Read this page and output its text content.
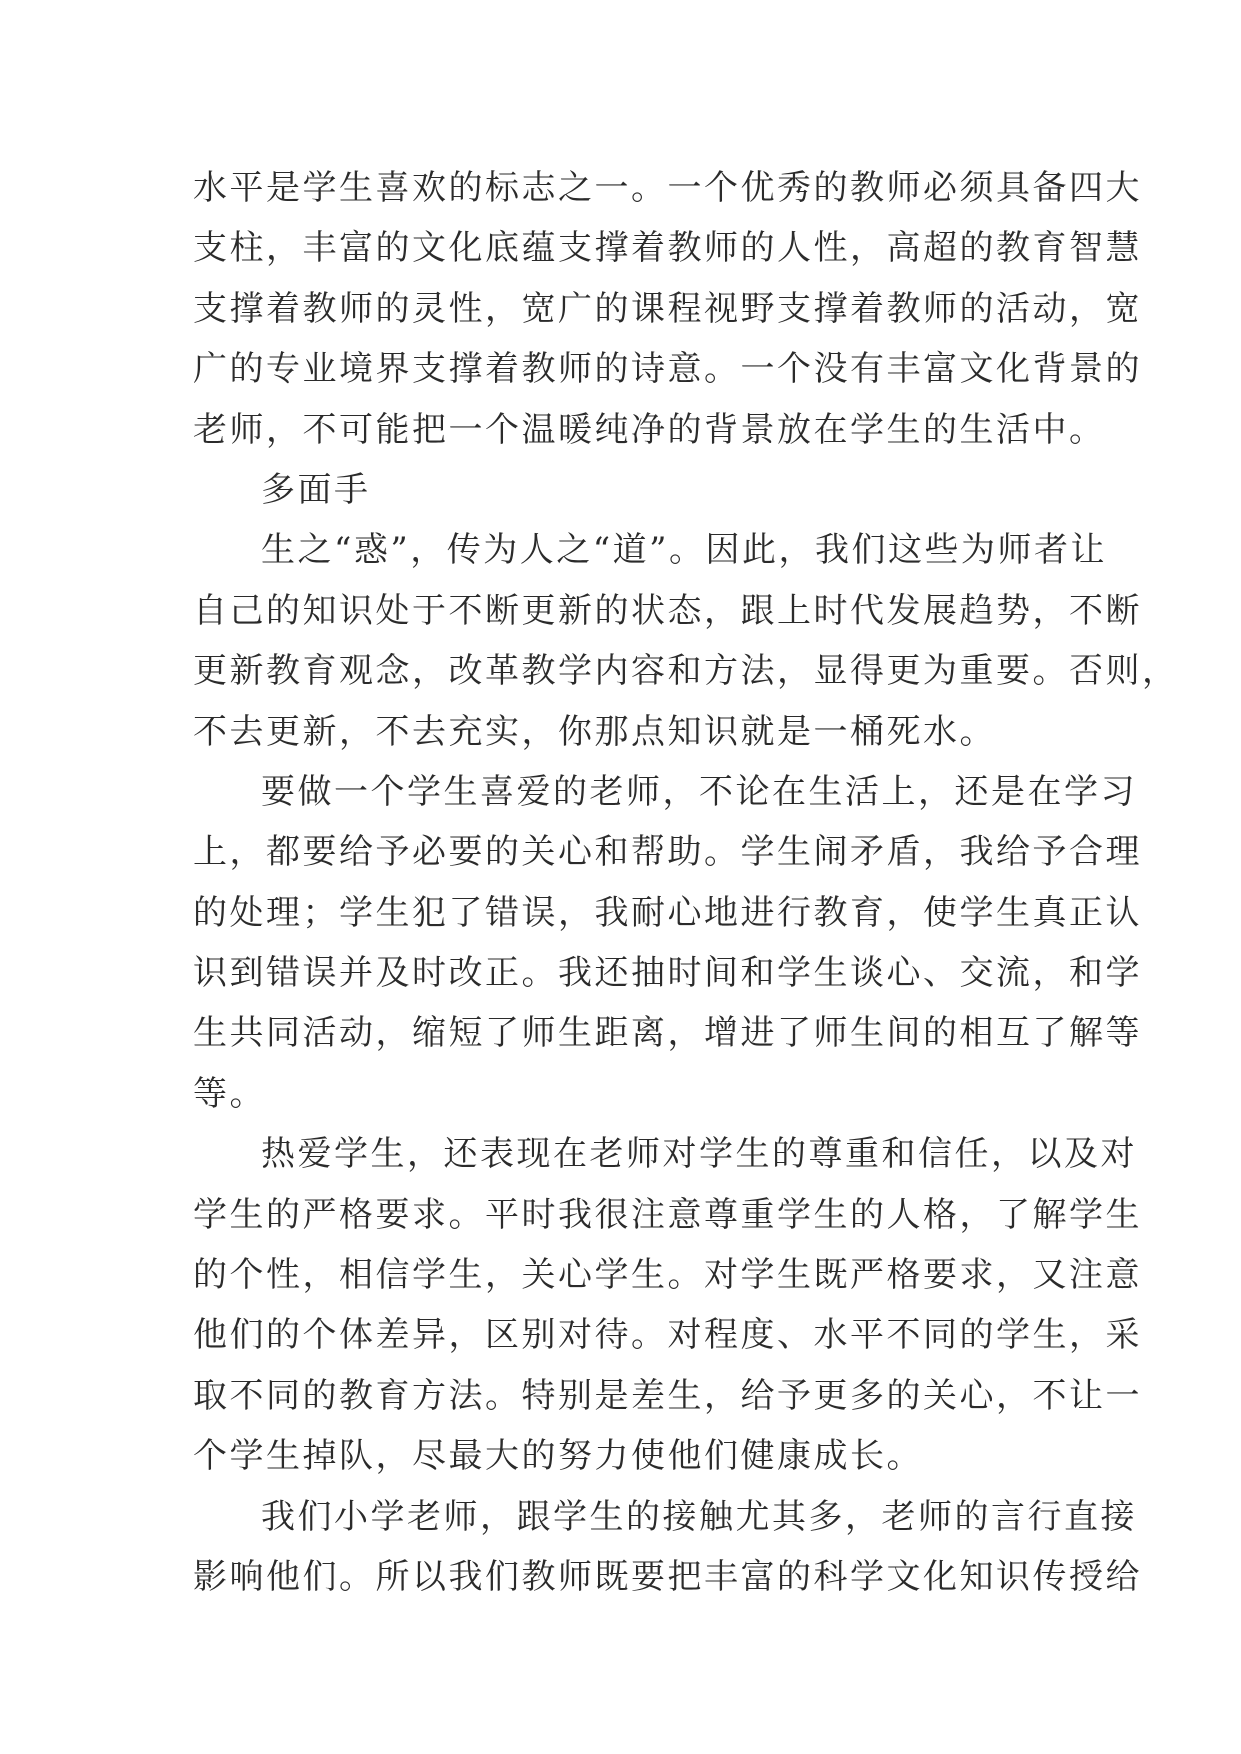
水平是学生喜欢的标志之一。一个优秀的教师必须具备四大
支柱，丰富的文化底蕴支撑着教师的人性，高超的教育智慧
支撑着教师的灵性，宽广的课程视野支撑着教师的活动，宽
广的专业境界支撑着教师的诗意。一个没有丰富文化背景的
老师，不可能把一个温暖纯净的背景放在学生的生活中。
多面手
生之“惑”，传为人之“道”。因此，我们这些为师者让
自己的知识处于不断更新的状态，跟上时代发展趋势，不断
更新教育观念，改革教学内容和方法，显得更为重要。否则，
不去更新，不去充实，你那点知识就是一桶死水。
要做一个学生喜爱的老师，不论在生活上，还是在学习
上，都要给予必要的关心和帮助。学生闹矛盾，我给予合理
的处理；学生犯了错误，我耐心地进行教育，使学生真正认
识到错误并及时改正。我还抽时间和学生谈心、交流，和学
生共同活动，缩短了师生距离，增进了师生间的相互了解等
等。
热爱学生，还表现在老师对学生的尊重和信任，以及对
学生的严格要求。平时我很注意尊重学生的人格，了解学生
的个性，相信学生，关心学生。对学生既严格要求，又注意
他们的个体差异，区别对待。对程度、水平不同的学生，采
取不同的教育方法。特别是差生，给予更多的关心，不让一
个学生掉队，尽最大的努力使他们健康成长。
我们小学老师，跟学生的接触尤其多，老师的言行直接
影响他们。所以我们教师既要把丰富的科学文化知识传授给
